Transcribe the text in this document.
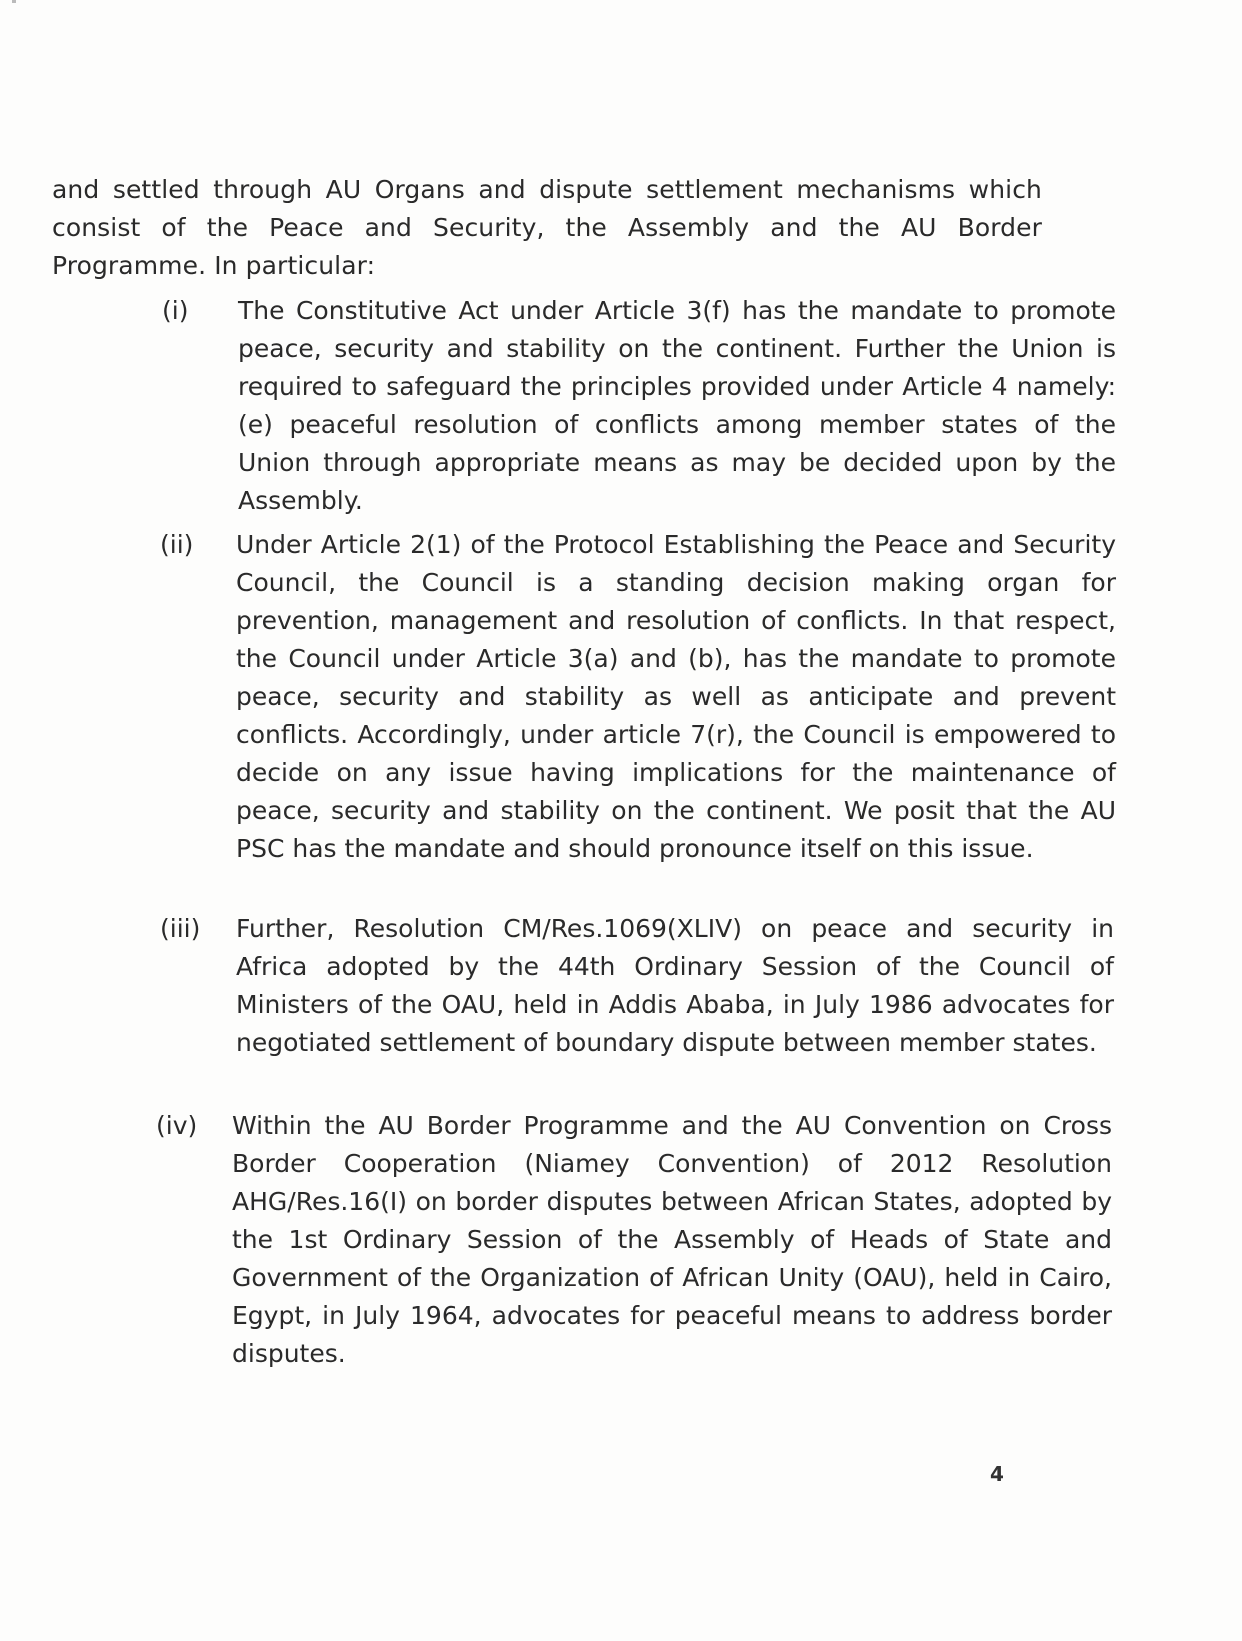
and settled through AU Organs and dispute settlement mechanisms which consist of the Peace and Security, the Assembly and the AU Border Programme. In particular:

(i) The Constitutive Act under Article 3(f) has the mandate to promote peace, security and stability on the continent. Further the Union is required to safeguard the principles provided under Article 4 namely:(e) peaceful resolution of conflicts among member states of the Union through appropriate means as may be decided upon by the Assembly.
(ii) Under Article 2(1) of the Protocol Establishing the Peace and Security Council, the Council is a standing decision making organ for prevention, management and resolution of conflicts. In that respect, the Council under Article 3(a) and (b), has the mandate to promote peace, security and stability as well as anticipate and prevent conflicts. Accordingly, under article 7(r), the Council is empowered to decide on any issue having implications for the maintenance of peace, security and stability on the continent. We posit that the AU PSC has the mandate and should pronounce itself on this issue.
(iii) Further, Resolution CM/Res.1069(XLIV) on peace and security in Africa adopted by the 44th Ordinary Session of the Council of Ministers of the OAU, held in Addis Ababa, in July 1986 advocates for negotiated settlement of boundary dispute between member states.
(iv) Within the AU Border Programme and the AU Convention on Cross Border Cooperation (Niamey Convention) of 2012 Resolution AHG/Res.16(I) on border disputes between African States, adopted by the 1st Ordinary Session of the Assembly of Heads of State and Government of the Organization of African Unity (OAU), held in Cairo, Egypt, in July 1964, advocates for peaceful means to address border disputes.
4
